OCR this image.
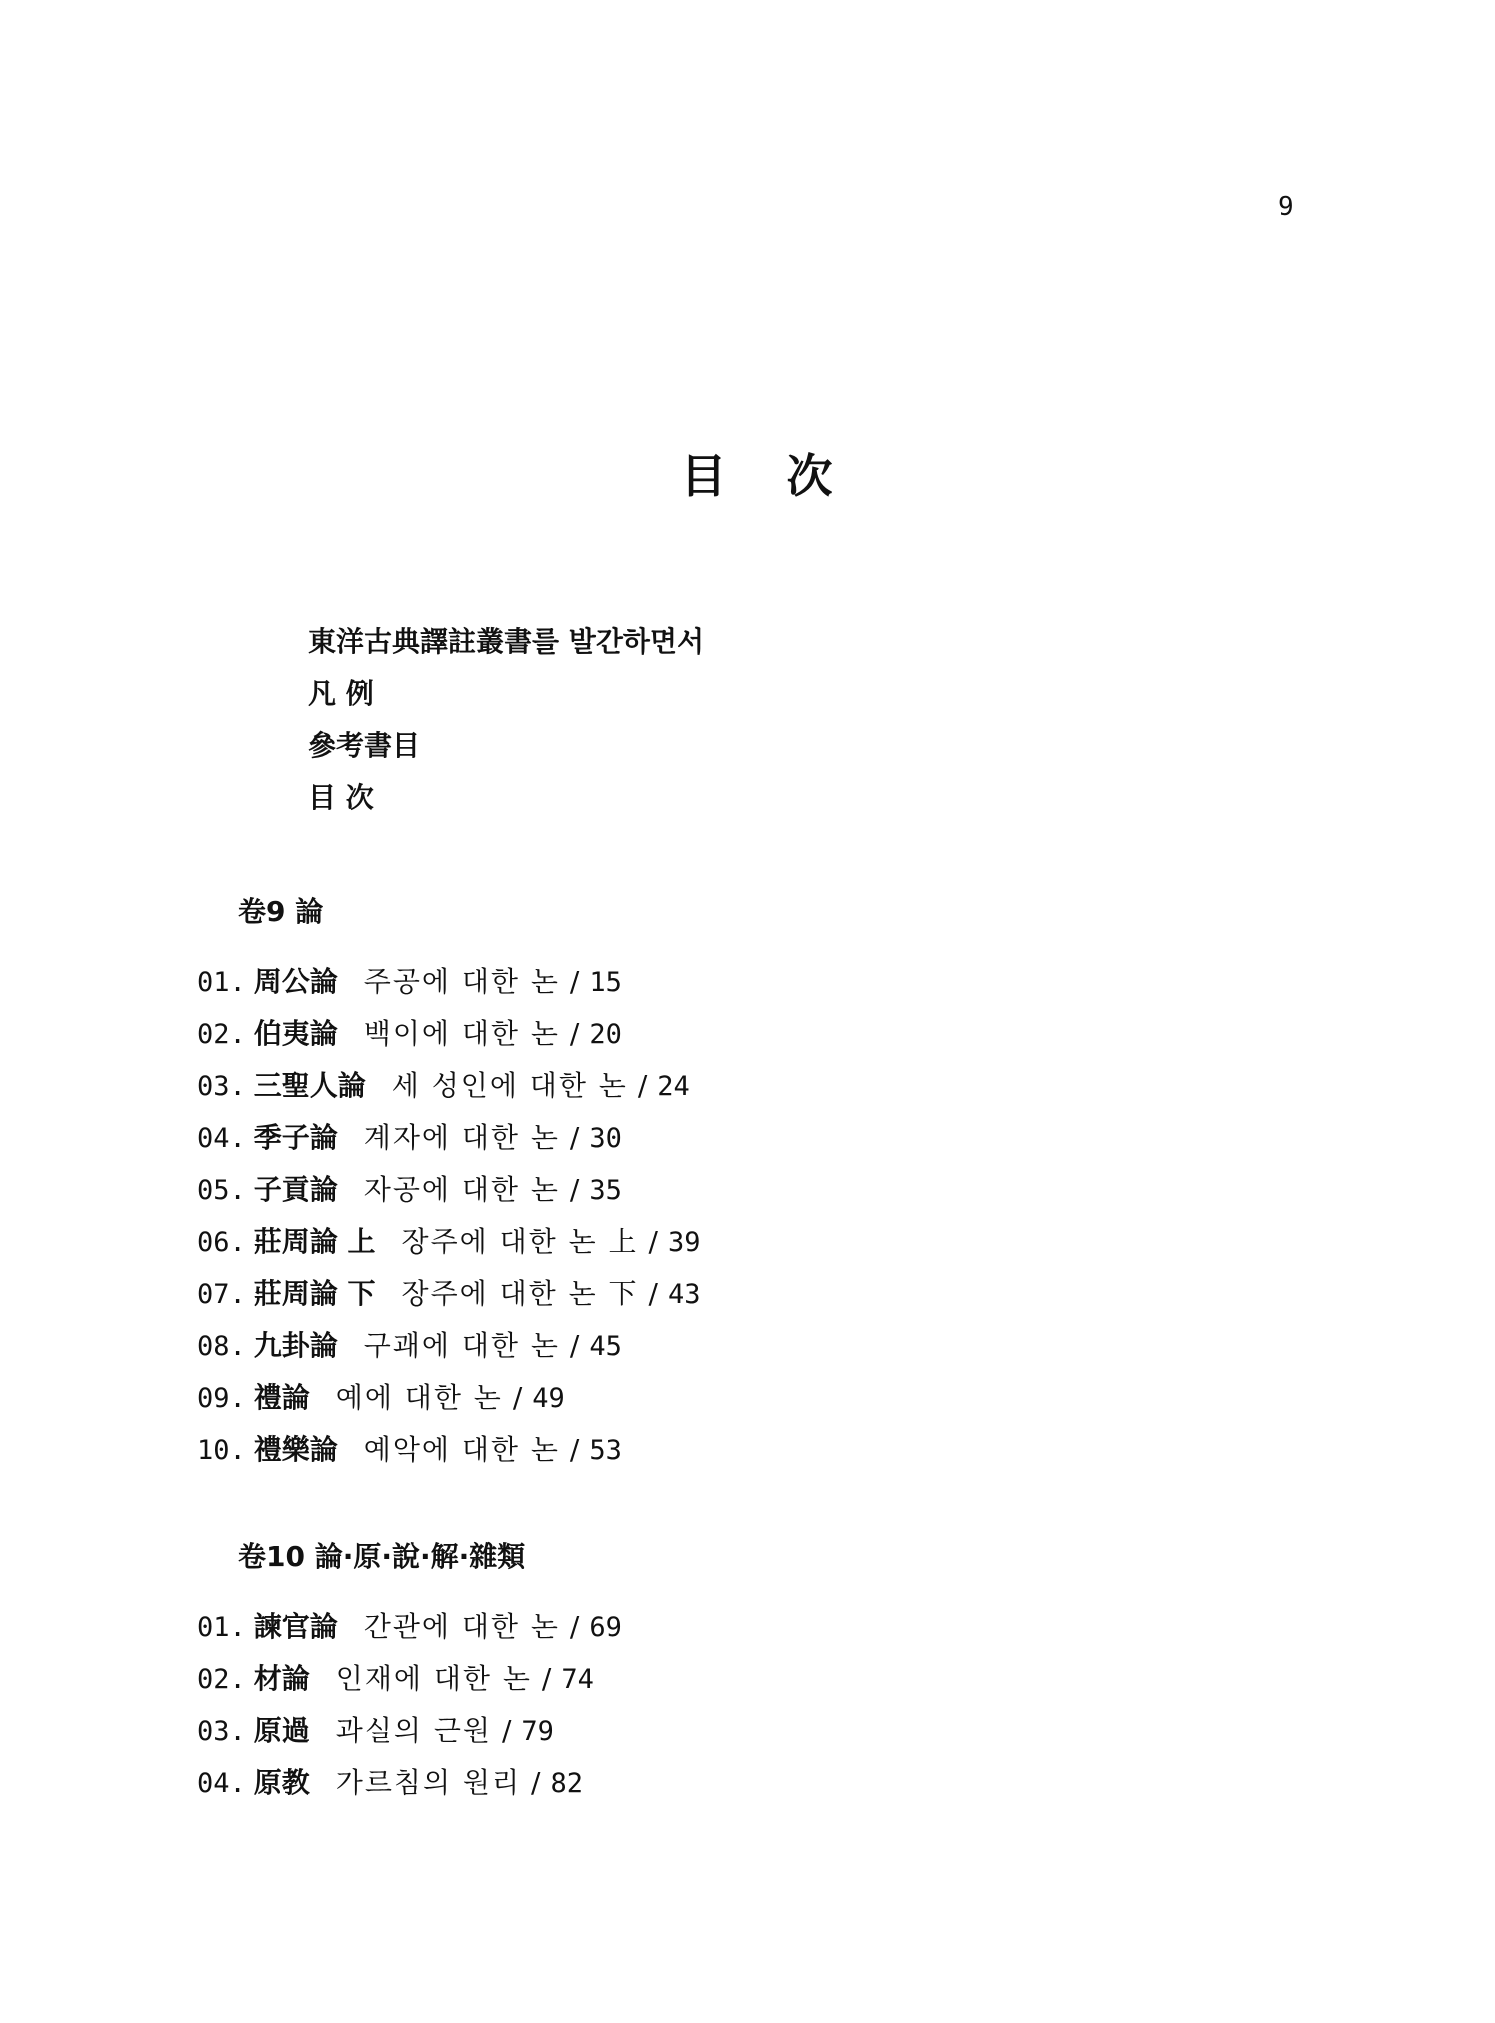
9
目 次
東洋古典譯註叢書를 발간하면서
凡 例
參考書目
目 次
卷9 論
01. 周公論 주공에 대한 논 / 15
02. 伯夷論 백이에 대한 논 / 20
03. 三聖人論 세 성인에 대한 논 / 24
04. 季子論 계자에 대한 논 / 30
05. 子貢論 자공에 대한 논 / 35
06. 莊周論 上 장주에 대한 논 上 / 39
07. 莊周論 下 장주에 대한 논 下 / 43
08. 九卦論 구괘에 대한 논 / 45
09. 禮論 예에 대한 논 / 49
10. 禮樂論 예악에 대한 논 / 53
卷10 論·原·說·解·雜類
01. 諫官論 간관에 대한 논 / 69
02. 材論 인재에 대한 논 / 74
03. 原過 과실의 근원 / 79
04. 原教 가르침의 원리 / 82
